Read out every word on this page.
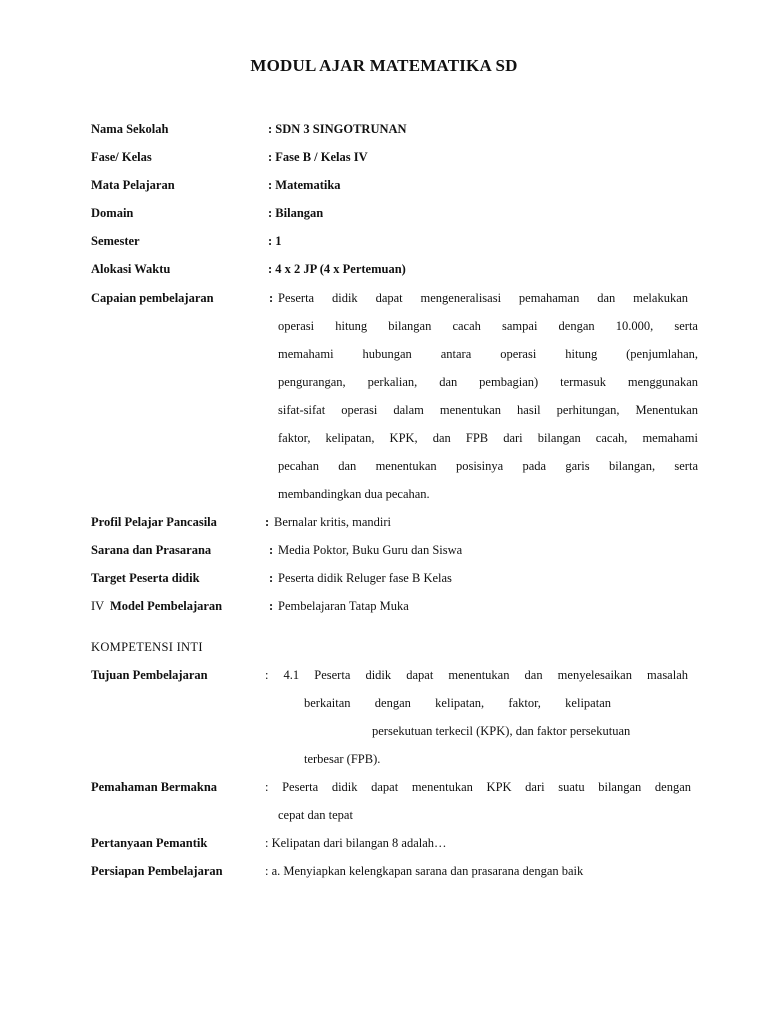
MODUL AJAR MATEMATIKA SD
Nama Sekolah	: SDN 3 SINGOTRUNAN
Fase/ Kelas	: Fase B / Kelas IV
Mata Pelajaran	: Matematika
Domain	: Bilangan
Semester	: 1
Alokasi Waktu	: 4 x 2 JP (4 x Pertemuan)
Capaian pembelajaran	: Peserta didik dapat mengeneralisasi pemahaman dan melakukan
operasi hitung bilangan cacah sampai dengan 10.000, serta
memahami hubungan antara operasi hitung (penjumlahan,
pengurangan, perkalian, dan pembagian) termasuk menggunakan
sifat-sifat operasi dalam menentukan hasil perhitungan, Menentukan
faktor, kelipatan, KPK, dan FPB dari bilangan cacah, memahami
pecahan dan menentukan posisinya pada garis bilangan, serta
membandingkan dua pecahan.
Profil Pelajar Pancasila	: Bernalar kritis, mandiri
Sarana dan Prasarana	: Media Poktor, Buku Guru dan Siswa
Target Peserta didik	: Peserta didik Reluger fase B Kelas
IV Model Pembelajaran	: Pembelajaran Tatap Muka
KOMPETENSI INTI
Tujuan Pembelajaran	: 4.1 Peserta didik dapat menentukan dan menyelesaikan masalah
berkaitan dengan kelipatan, faktor, kelipatan
persekutuan terkecil (KPK), dan faktor persekutuan
terbesar (FPB).
Pemahaman Bermakna	: Peserta didik dapat menentukan KPK dari suatu bilangan dengan
cepat dan tepat
Pertanyaan Pemantik	: Kelipatan dari bilangan 8 adalah…
Persiapan Pembelajaran	: a. Menyiapkan kelengkapan sarana dan prasarana dengan baik
